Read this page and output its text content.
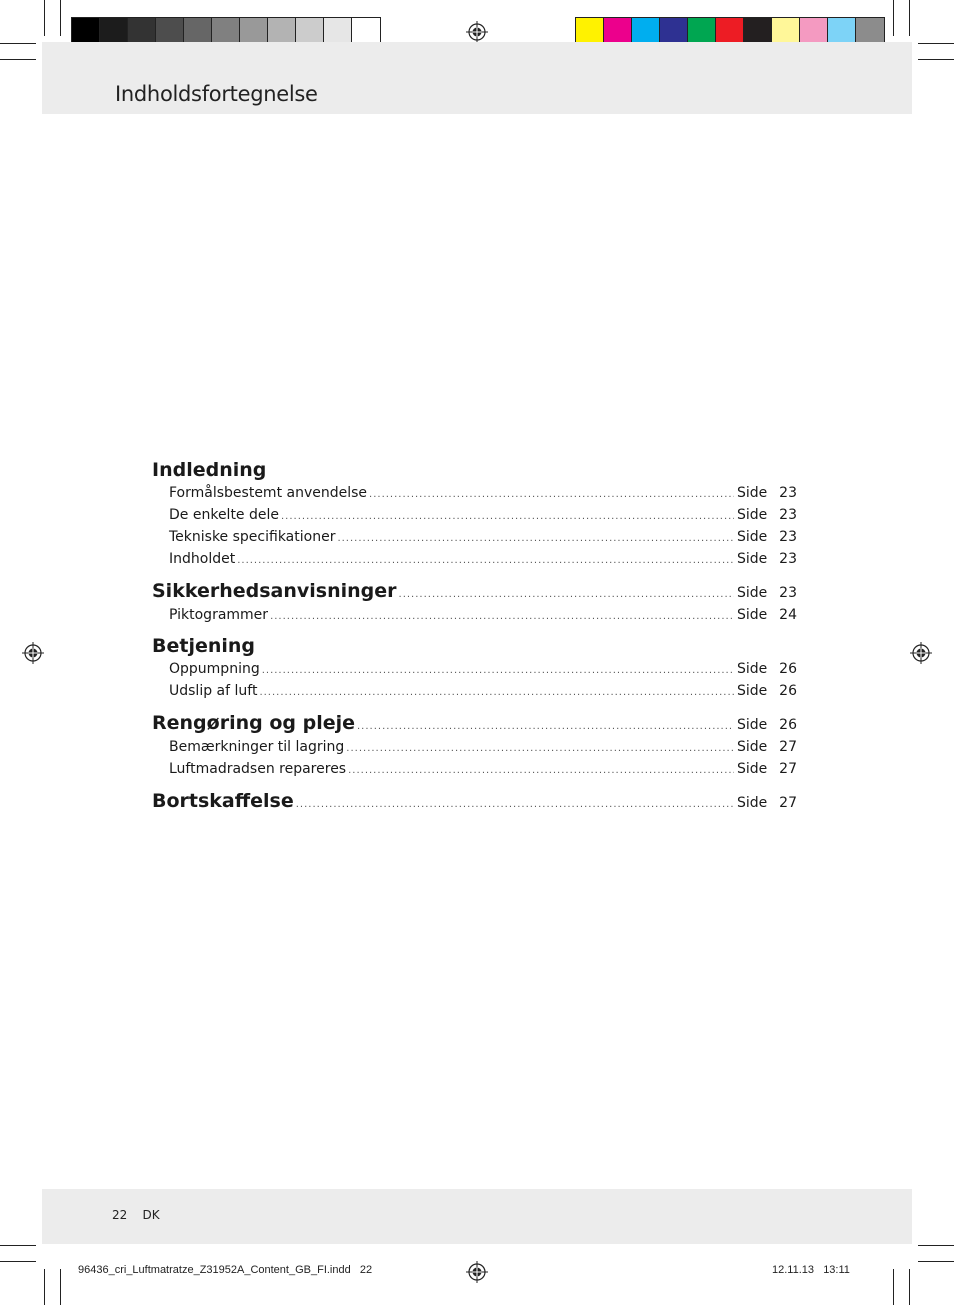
Indholdsfortegnelse
Indledning
Formålsbestemt anvendelse .....	Side 23
De enkelte dele .....	Side 23
Tekniske specifikationer .....	Side 23
Indholdet .....	Side 23
Sikkerhedsanvisninger .....	Side 23
Piktogrammer .....	Side 24
Betjening
Oppumpning .....	Side 26
Udslip af luft .....	Side 26
Rengøring og pleje .....	Side 26
Bemærkninger til lagring .....	Side 27
Luftmadradsen repareres .....	Side 27
Bortskaffelse .....	Side 27
22 DK
96436_cri_Luftmatratze_Z31952A_Content_GB_FI.indd 22	12.11.13 13:11
